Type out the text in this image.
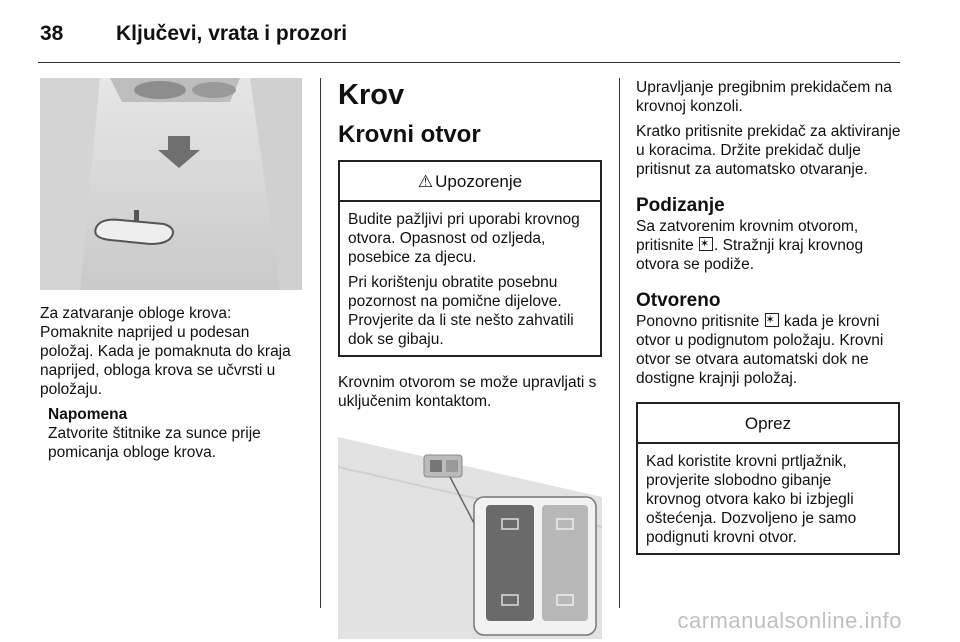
38	Ključevi, vrata i prozori

Za zatvaranje obloge krova: Pomaknite naprijed u podesan položaj. Kada je pomaknuta do kraja naprijed, obloga krova se učvrsti u položaju.

Napomena
Zatvorite štitnike za sunce prije pomicanja obloge krova.
Krov
Krovni otvor
⚠ Upozorenje

Budite pažljivi pri uporabi krovnog otvora. Opasnost od ozljeda, posebice za djecu.

Pri korištenju obratite posebnu pozornost na pomične dijelove. Provjerite da li ste nešto zahvatili dok se gibaju.

Krovnim otvorom se može upravljati s uključenim kontaktom.

Upravljanje pregibnim prekidačem na krovnoj konzoli.

Kratko pritisnite prekidač za aktiviranje u koracima. Držite prekidač dulje pritisnut za automatsko otvaranje.

Podizanje

Sa zatvorenim krovnim otvorom, pritisnite ✶ . Stražnji kraj krovnog otvora se podiže.

Otvoreno

Ponovno pritisnite ✶ kada je krovni otvor u podignutom položaju. Krovni otvor se otvara automatski dok ne dostigne krajnji položaj.

Oprez

Kad koristite krovni prtljažnik, provjerite slobodno gibanje krovnog otvora kako bi izbjegli oštećenja. Dozvoljeno je samo podignuti krovni otvor.

carmanualsonline.info
